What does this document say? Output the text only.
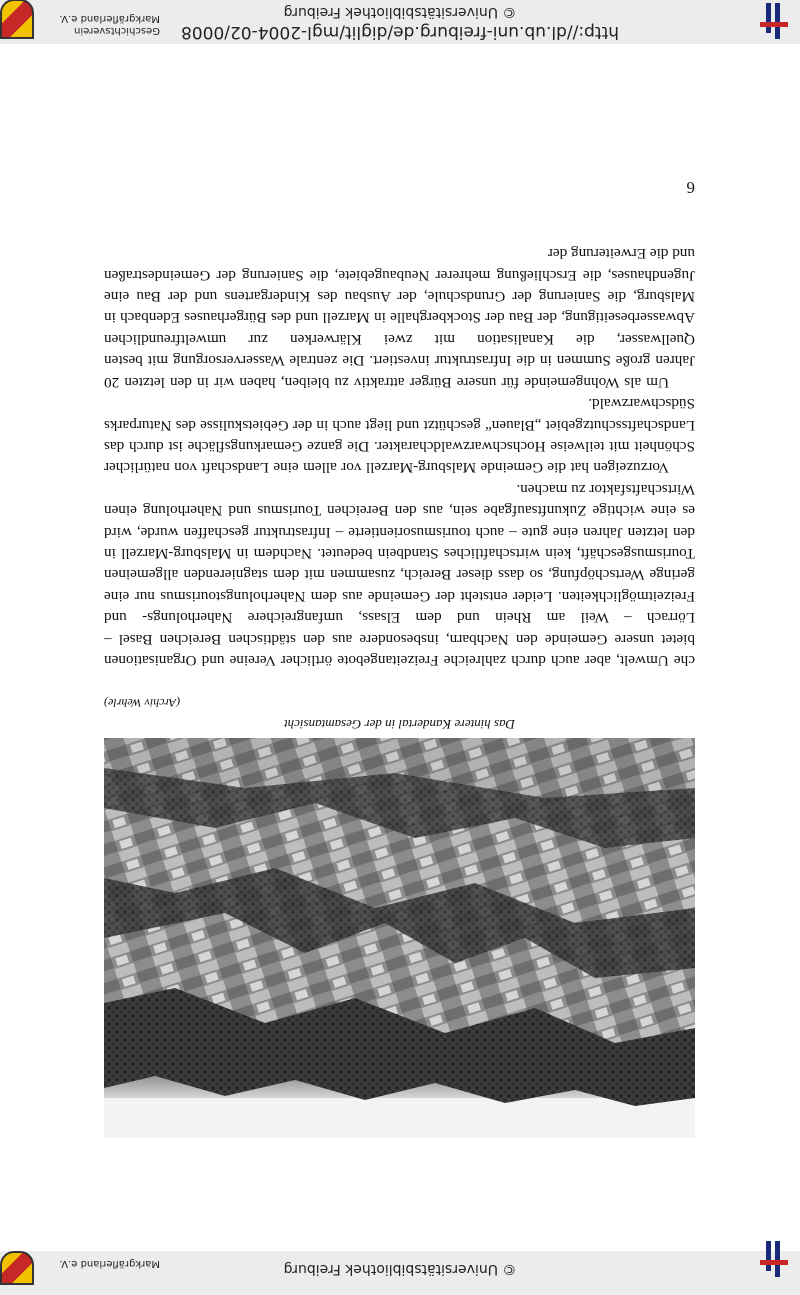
© Universitätsbibliothek Freiburg
Markgräflerland e.V.
Das hintere Kandertal in der Gesamtansicht
(Archiv Wehrle)

che Umwelt, aber auch durch zahlreiche Freizeitangebote örtlicher Vereine und Organisationen bietet unsere Gemeinde den Nachbarn, insbesondere aus den städtischen Bereichen Basel – Lörrach – Weil am Rhein und dem Elsass, umfangreichere Naherholungs- und Freizeitmöglichkeiten. Leider entsteht der Gemeinde aus dem Naherholungstourismus nur eine geringe Wertschöpfung, so dass dieser Bereich, zusammen mit dem stagnierenden allgemeinen Tourismusgeschäft, kein wirtschaftliches Standbein bedeutet. Nachdem in Malsburg-Marzell in den letzten Jahren eine gute – auch tourismusorientierte – Infrastruktur geschaffen wurde, wird es eine wichtige Zukunftsaufgabe sein, aus den Bereichen Tourismus und Naherholung einen Wirtschaftsfaktor zu machen.

Vorzuzeigen hat die Gemeinde Malsburg-Marzell vor allem eine Landschaft von natürlicher Schönheit mit teilweise Hochschwarzwaldcharakter. Die ganze Gemarkungsfläche ist durch das Landschaftsschutzgebiet „Blauen“ geschützt und liegt auch in der Gebietskulisse des Naturparks Südschwarzwald.

Um als Wohngemeinde für unsere Bürger attraktiv zu bleiben, haben wir in den letzten 20 Jahren große Summen in die Infrastruktur investiert. Die zentrale Wasserversorgung mit besten Quellwasser, die Kanalisation mit zwei Klärwerken zur umweltfreundlichen Abwasserbeseitigung, der Bau der Stockberghalle in Marzell und des Bürgerhauses Edenbach in Malsburg, die Sanierung der Grundschule, der Ausbau des Kindergartens und der Bau eine Jugendhauses, die Erschließung mehrerer Neubaugebiete, die Sanierung der Gemeindestraßen und die Erweiterung der

6
http://dl.ub.uni-freiburg.de/diglit/mgl-2004-02/0008
© Universitätsbibliothek Freiburg
Geschichtsverein
Markgräflerland e.V.
